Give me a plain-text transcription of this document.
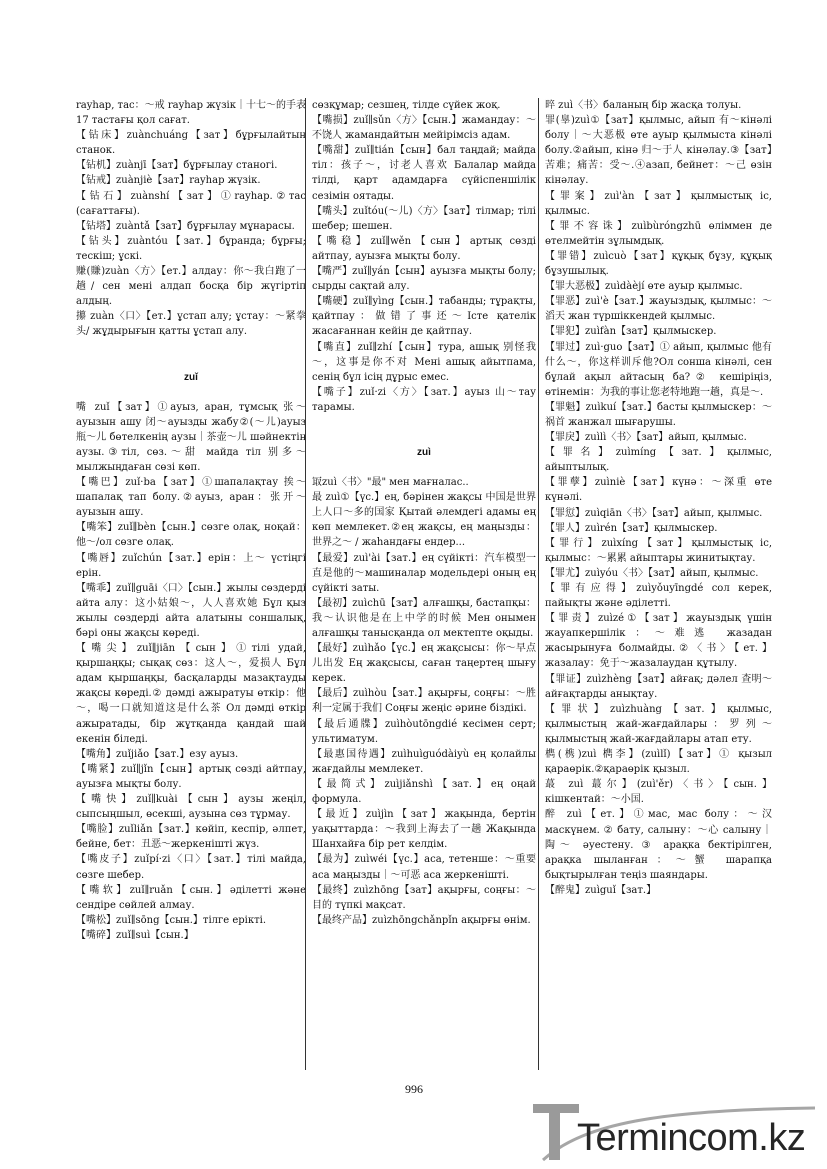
rayhap, тас：～戒 rayhap жүзік｜十七～的手表 17 тастағы қол сағат.
【钻床】zuànchuáng【зат】бұрғылайтын станок.
【钻机】zuànjī【зат】бұрғылау станогі.
【钻戒】zuànjiè【зат】rayhap жүзік.
【钻石】zuànshí【зат】①rayhap.②тас (сағаттағы).
【钻塔】zuàntǎ【зат】бұрғылау мұнарасы.
【钻头】zuàntóu【зат.】бұранда; бұрғы; тескіш; ұскі.
赚(賺)zuàn〈方〉【ет.】алдау：你～我白跑了一趟/ сен мені алдап босқа бір жүгіртіп алдың.
攥 zuàn〈口〉【ет.】ұстап алу; ұстау：～紧拳头/ жұдырығын қатты ұстап алу.
zuǐ
嘴 zuǐ【зат】①ауыз, аран, тұмсық 张～ауызын ашу 闭～ауызды жабу②(～儿)ауыз 瓶～儿 бөтелкенің аузы｜茶壶～儿 шәйнектің аузы.③тіл, сөз.～甜 майда тіл 别多～ мылжыңдаған сөзі көп.
【嘴巴】zuǐ·ba【зат】①шапалақтау 挨～шапалақ тап болу.②ауыз, аран：张开～ауызын ашу.
【嘴笨】zuǐ∥bèn【сын.】сөзге олақ, ноқай：他～/ол сөзге олақ.
【嘴唇】zuǐchún【зат.】ерін：上～ үстіңгі ерін.
【嘴乖】zuǐ∥guāi〈口〉【сын.】жылы сөздерді айта алу：这小姑娘～，人人喜欢她 Бұл қыз жылы сөздерді айта алатыны соншалық, бәрі оны жақсы көреді.
【嘴尖】zuǐ∥jiān【сын】①тілі удай, қыршаңқы; сықақ сөз：这人～，爱损人 Бұл адам қыршаңқы, басқаларды мазақтауды жақсы көреді.② дәмді ажыратуы өткір：他～，喝一口就知道这是什么茶 Ол дәмді өткір ажыратады, бір жұтқанда қандай шай екенін біледі.
【嘴角】zuǐjiǎo【зат.】езу ауыз.
【嘴紧】zuǐ∥jǐn【сын】артық сөзді айтпау, ауызға мықты болу.
【嘴快】zuǐ∥kuài【сын】аузы жеңіл, сыпсыңшыл, өсекші, аузына сөз тұрмау.
【嘴脸】zuǐliǎn【зат.】көйіп, кеспір, әлпет, бейне, бет：丑恶～жеркенішті жүз.
【嘴皮子】zuǐpí·zi〈口〉【зат.】тілі майда, сөзге шебер.
【嘴软】zuǐ∥ruǎn【сын.】әдiлеттi және сендіре сөйлей алмау.
【嘴松】zuǐ∥sōng【сын.】тілге ерікті.
【嘴碎】zuǐ∥suì【сын.】
сөзқұмар; сезшең, тілде сүйек жоқ.
【嘴损】zuǐ∥sǔn〈方〉【сын.】жамандау：～不饶人 жамандайтын мейірімсіз адам.
【嘴甜】zuǐ∥tián【сын】бал таңдай; майда тіл：孩子～，讨老人喜欢 Балалар майда тілді, қарт адамдарға сүйіспеншілік сезімін оятады.
【嘴头】zuǐtóu(～儿)〈方〉【зат】тілмар; тілі шебер; шешен.
【嘴稳】zuǐ∥wěn【сын】артық сөзді айтпау, ауызға мықты болу.
【嘴严】zuǐ∥yán【сын】ауызға мықты болу; сырды сақтай алу.
【嘴硬】zuǐ∥yìng【сын.】табанды; тұрақты, қайтпау：做错了事还～Істе қателік жасағаннан кейін де қайтпау.
【嘴直】zuǐ∥zhí【сын】тура, ашық 别怪我～，这事是你不对 Мені ашық айытпама, сенің бұл ісің дұрыс емес.
【嘴子】zuǐ·zi〈方〉【зат.】ауыз 山～тау тарамы.
zuì
冣zuì〈书〉"最" мен мағналас..
最 zuì①【үс.】ең, бәрінен жақсы 中国是世界上人口～多的国家 Қытай әлемдегі адамы ең көп мемлекет.②ең жақсы, ең маңызды：世界之～ / жаһандағы ендер...
【最爱】zuì'ài【зат.】ең сүйікті：汽车模型一直是他的～машиналар модельдері оның ең сүйікті заты.
【最初】zuìchū【зат】алғашқы, бастапқы：我～认识他是在上中学的时候 Мен онымен алғашқы танысқанда ол мектепте оқыды.
【最好】zuìhǎo【үс.】ең жақсысы：你～早点儿出发 Ең жақсысы, саған таңертең шығу керек.
【最后】zuìhòu【зат.】ақырғы, соңғы：～胜利一定属于我们 Соңғы жеңіс әрине біздікі.
【最后通牒】zuìhòutōngdié кесімен серт; ультиматум.
【最惠国待遇】zuìhuìguódàiyù ең қолайлы жағдайлы мемлекет.
【最简式】zuìjiǎnshì【зат.】ең оңай формула.
【最近】zuìjìn【зат】жақында, бертін уақыттарда：～我到上海去了一趟 Жақында Шанхайға бір рет келдім.
【最为】zuìwéi【үс.】аса, тетенше：～重要 аса маңызды｜～可恶 аса жеркенішті.
【最终】zuìzhōng【зат】ақырғы, соңғы：～目的 түпкі мақсат.
【最终产品】zuìzhōngchǎnpǐn ақырғы өнім.
晬 zuì〈书〉баланың бір жасқа толуы.
罪(辠)zuì①【зат】қылмыс, айып 有～кінәлі болу｜～大恶极 өте ауыр қылмыста кінәлі болу.②айып, кінә 归～于人 кінәлау.③【зат】苦难；痛苦：受～.④азап, бейнет：～己 өзін кінәлау.
【罪案】zuì'àn【зат】қылмыстық іс, қылмыс.
【罪不容诛】zuìbùróngzhū өлiммен де өтелмейтін зұлымдық.
【罪错】zuìcuò【зат】құқық бұзу, құқық бұзушылық.
【罪大恶极】zuìdàèjí өте ауыр қылмыс.
【罪恶】zuì'è【зат.】жауыздық, қылмыс：～滔天 жан түршіккендей қылмыс.
【罪犯】zuìfàn【зат】қылмыскер.
【罪过】zuì·guo【зат】① айып, қылмыс 他有什么～，你这样训斥他?Ол сонша кінәлі, сен бұлай ақыл айтасың ба?② кешіріңіз, өтінемін：为我的事让您老特地跑一趟，真是～.
【罪魁】zuìkuí【зат.】басты қылмыскер：～祸首 жанжал шығарушы.
【罪戾】zuìlì〈书〉【зат】айып, қылмыс.
【罪名】zuìmíng【зат.】қылмыс, айыптылық.
【罪孽】zuìniè【зат】күнә：～深重 өте күнәлі.
【罪愆】zuìqiān〈书〉【зат】айып, қылмыс.
【罪人】zuìrén【зат】қылмыскер.
【罪行】zuìxíng【зат】қылмыстық іс, қылмыс：～累累 айыптары жинитықтау.
【罪尤】zuìyóu〈书〉【зат】айып, қылмыс.
【罪有应得】zuìyǒuyīngdé сол керек, пайықты және әділетті.
【罪责】zuìzé①【зат】жауыздық үшін жауапкершілік：～难逃 жазадан жасырынуға болмайды.②〈书〉【ет.】жазалау：免于～жазалаудан құтылу.
【罪证】zuìzhèng【зат】айғақ; дәлел 查明～айғақтарды анықтау.
【罪状】zuìzhuàng【зат.】қылмыс, қылмыстың жай-жағдайлары：罗列～ қылмыстың жай-жағдайлары атап ету.
檇(槜)zuì 檇李】(zuìlǐ)【зат】① қызыл қараөрік.②қараөрік қызыл.
蕞 zuì 蕞尔】(zuì'ěr)〈书〉【сын.】кішкентай：～小国.
醉 zuì【ет.】①мас, мас болу：～汉 маскүнем. ② бату, салыну：～心 салыну｜陶～ әуестену. ③ арақка бектірілген, арақка шыланған：～蟹 шарапқа бықтырылған теңіз шаяндары.
【醉鬼】zuìguǐ【зат.】
996
Termincom.kz
